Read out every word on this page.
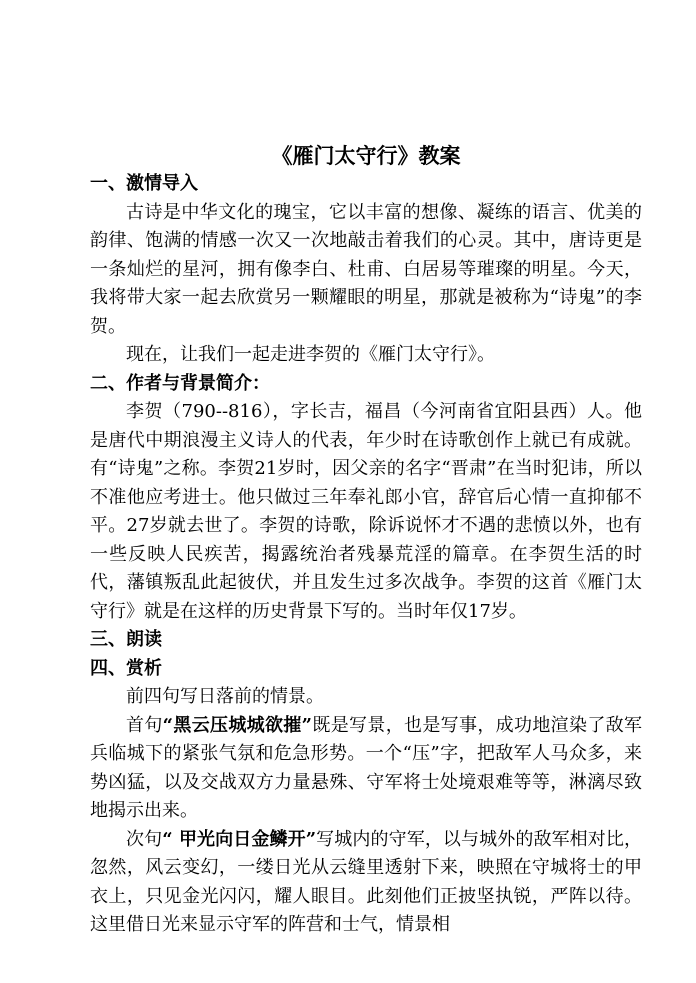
《雁门太守行》教案
一、激情导入

古诗是中华文化的瑰宝，它以丰富的想像、凝练的语言、优美的韵律、饱满的情感一次又一次地敲击着我们的心灵。其中，唐诗更是一条灿烂的星河，拥有像李白、杜甫、白居易等璀璨的明星。今天，我将带大家一起去欣赏另一颗耀眼的明星，那就是被称为“诗鬼”的李贺。

现在，让我们一起走进李贺的《雁门太守行》。

二、作者与背景简介：

李贺（790--816），字长吉，福昌（今河南省宜阳县西）人。他是唐代中期浪漫主义诗人的代表，年少时在诗歌创作上就已有成就。有“诗鬼”之称。李贺21岁时，因父亲的名字“晋肃”在当时犯讳，所以不准他应考进士。他只做过三年奉礼郎小官，辞官后心情一直抑郁不平。27岁就去世了。李贺的诗歌，除诉说怀才不遇的悲愤以外，也有一些反映人民疾苦，揭露统治者残暴荒淫的篇章。在李贺生活的时代，藩镇叛乱此起彼伏，并且发生过多次战争。李贺的这首《雁门太守行》就是在这样的历史背景下写的。当时年仅17岁。

三、朗读
四、赏析

前四句写日落前的情景。

首句“黑云压城城欲摧”既是写景，也是写事，成功地渲染了敌军兵临城下的紧张气氛和危急形势。一个“压”字，把敌军人马众多，来势凶猛，以及交战双方力量悬殊、守军将士处境艰难等等，淋漓尽致地揭示出来。

次句“ 甲光向日金鳞开”写城内的守军，以与城外的敌军相对比，忽然，风云变幻，一缕日光从云缝里透射下来，映照在守城将士的甲衣上，只见金光闪闪，耀人眼目。此刻他们正披坚执锐，严阵以待。这里借日光来显示守军的阵营和士气，情景相
